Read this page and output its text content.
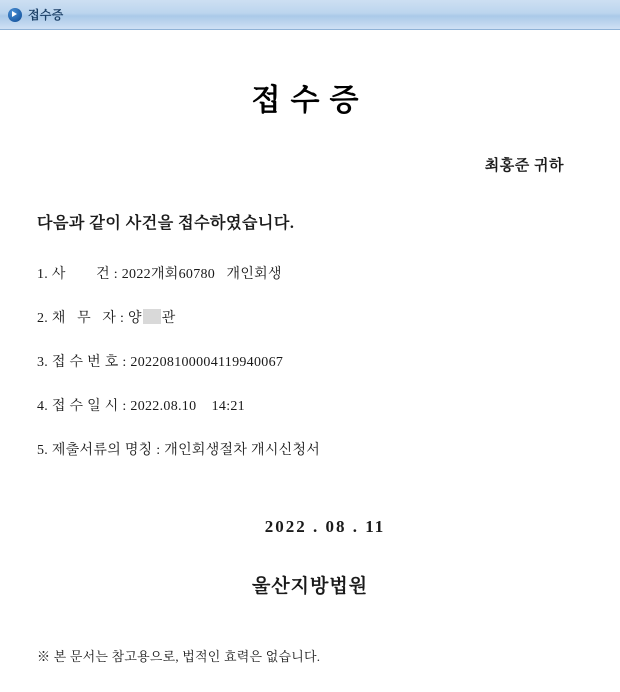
접수증
접수증
최홍준 귀하
다음과 같이 사건을 접수하였습니다.
1. 사        건 : 2022개회60780   개인회생
2. 채   무   자 : 양 관
3. 접 수 번 호 : 202208100004119940067
4. 접 수 일 시 : 2022.08.10    14:21
5. 제출서류의 명칭 : 개인회생절차 개시신청서
2022 . 08 . 11
울산지방법원
※ 본 문서는 참고용으로, 법적인 효력은 없습니다.
